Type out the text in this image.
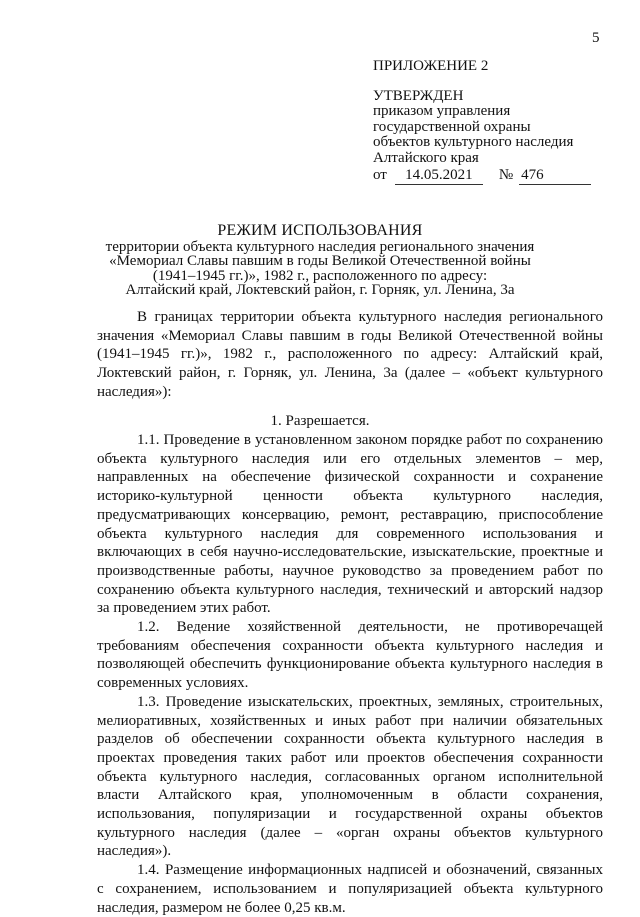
5
ПРИЛОЖЕНИЕ 2
УТВЕРЖДЕН
приказом управления
государственной охраны
объектов культурного наследия
Алтайского края
от 14.05.2021 № 476
РЕЖИМ ИСПОЛЬЗОВАНИЯ
территории объекта культурного наследия регионального значения
«Мемориал Славы павшим в годы Великой Отечественной войны
(1941–1945 гг.)», 1982 г., расположенного по адресу:
Алтайский край, Локтевский район, г. Горняк, ул. Ленина, 3а

В границах территории объекта культурного наследия регионального значения «Мемориал Славы павшим в годы Великой Отечественной войны (1941–1945 гг.)», 1982 г., расположенного по адресу: Алтайский край, Локтевский район, г. Горняк, ул. Ленина, 3а (далее – «объект культурного наследия»):

1. Разрешается.

1.1. Проведение в установленном законом порядке работ по сохранению объекта культурного наследия или его отдельных элементов – мер, направленных на обеспечение физической сохранности и сохранение историко-культурной ценности объекта культурного наследия, предусматривающих консервацию, ремонт, реставрацию, приспособление объекта культурного наследия для современного использования и включающих в себя научно-исследовательские, изыскательские, проектные и производственные работы, научное руководство за проведением работ по сохранению объекта культурного наследия, технический и авторский надзор за проведением этих работ.

1.2. Ведение хозяйственной деятельности, не противоречащей требованиям обеспечения сохранности объекта культурного наследия и позволяющей обеспечить функционирование объекта культурного наследия в современных условиях.

1.3. Проведение изыскательских, проектных, земляных, строительных, мелиоративных, хозяйственных и иных работ при наличии обязательных разделов об обеспечении сохранности объекта культурного наследия в проектах проведения таких работ или проектов обеспечения сохранности объекта культурного наследия, согласованных органом исполнительной власти Алтайского края, уполномоченным в области сохранения, использования, популяризации и государственной охраны объектов культурного наследия (далее – «орган охраны объектов культурного наследия»).

1.4. Размещение информационных надписей и обозначений, связанных с сохранением, использованием и популяризацией объекта культурного наследия, размером не более 0,25 кв.м.
